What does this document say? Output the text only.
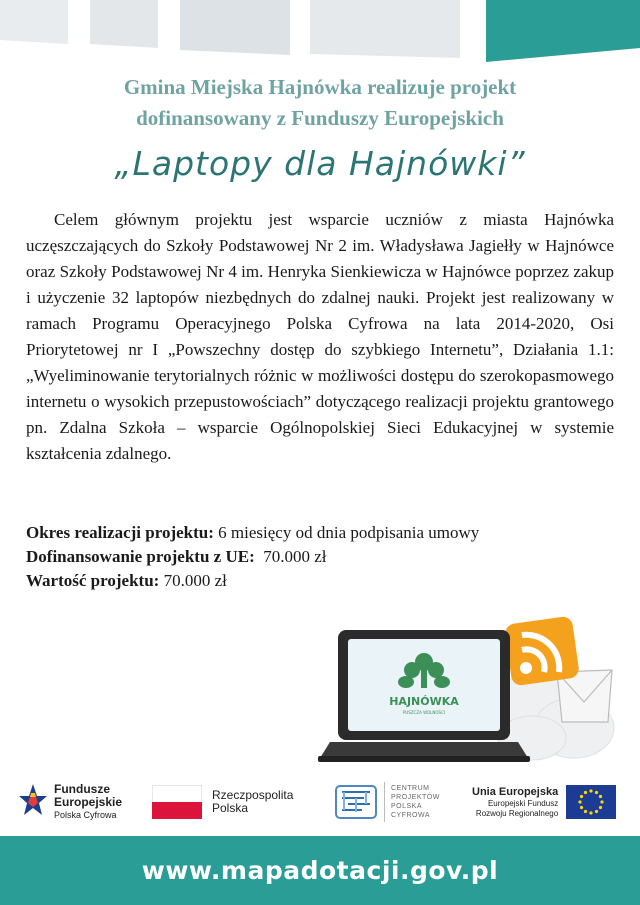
Gmina Miejska Hajnówka realizuje projekt
dofinansowany z Funduszy Europejskich
„Laptopy dla Hajnówki”

Celem głównym projektu jest wsparcie uczniów z miasta Hajnówka uczęszczających do Szkoły Podstawowej Nr 2 im. Władysława Jagiełły w Hajnówce oraz Szkoły Podstawowej Nr 4 im. Henryka Sienkiewicza w Hajnówce poprzez zakup i użyczenie 32 laptopów niezbędnych do zdalnej nauki. Projekt jest realizowany w ramach Programu Operacyjnego Polska Cyfrowa na lata 2014-2020, Osi Priorytetowej nr I „Powszechny dostęp do szybkiego Internetu”, Działania 1.1: „Wyeliminowanie terytorialnych różnic w możliwości dostępu do szerokopasmowego internetu o wysokich przepustowościach” dotyczącego realizacji projektu grantowego pn. Zdalna Szkoła – wsparcie Ogólnopolskiej Sieci Edukacyjnej w systemie kształcenia zdalnego.

Okres realizacji projektu: 6 miesięcy od dnia podpisania umowy
Dofinansowanie projektu z UE: 70.000 zł
Wartość projektu: 70.000 zł
HAJNÓWKA
PUSZCZA WOLNOŚCI
Fundusze
Europejskie
Polska Cyfrowa
Rzeczpospolita
Polska
CENTRUM
PROJEKTÓW
POLSKA
CYFROWA
Unia Europejska
Europejski Fundusz
Rozwoju Regionalnego
www.mapadotacji.gov.pl
